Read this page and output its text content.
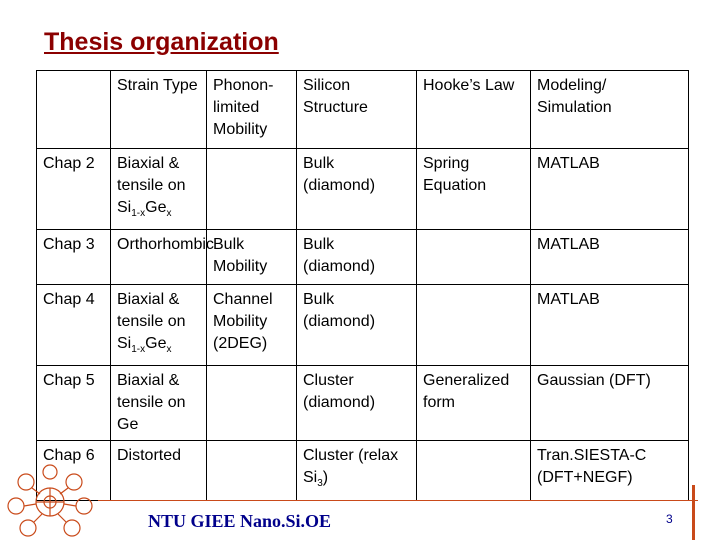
Thesis organization
	Strain Type	Phonon-limited Mobility	Silicon Structure	Hooke’s Law	Modeling/ Simulation
Chap 2	Biaxial & tensile on $Si_{1-x}Ge_x$		Bulk (diamond)	Spring Equation	MATLAB
Chap 3	Orthorhombic	Bulk Mobility	Bulk (diamond)		MATLAB
Chap 4	Biaxial & tensile on $Si_{1-x}Ge_x$	Channel Mobility (2DEG)	Bulk (diamond)		MATLAB
Chap 5	Biaxial & tensile on Ge		Cluster (diamond)	Generalized form	Gaussian (DFT)
Chap 6	Distorted		Cluster (relax $Si_3$)		Tran.SIESTA-C (DFT+NEGF)
NTU GIEE Nano.Si.OE	3
